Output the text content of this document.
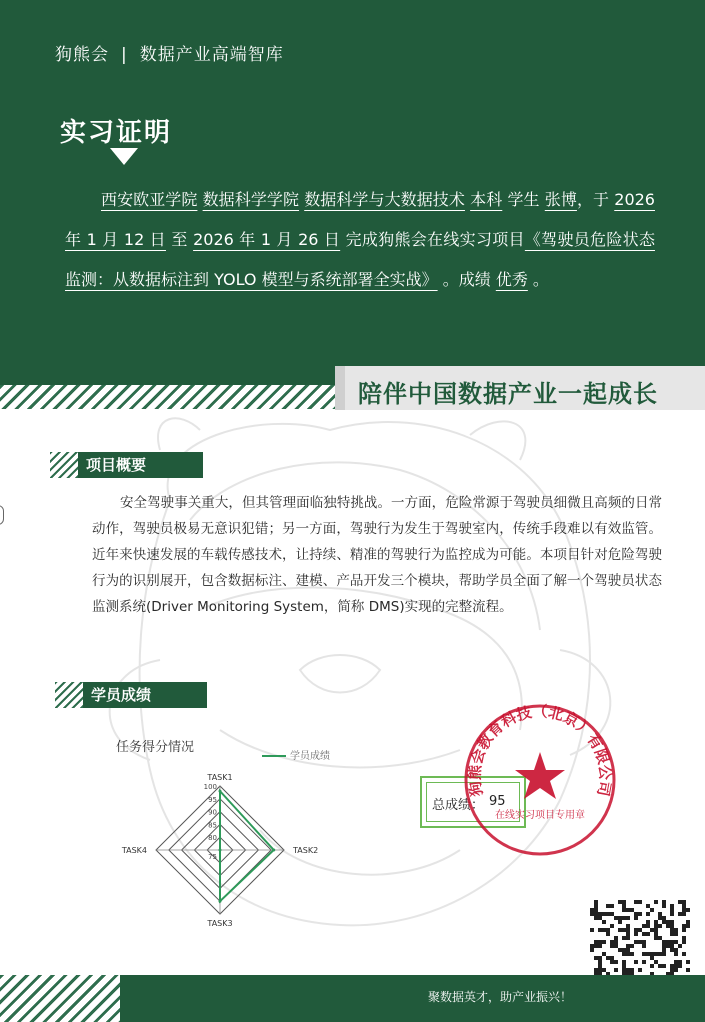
狗熊会 | 数据产业高端智库
实习证明
西安欧亚学院 数据科学学院 数据科学与大数据技术 本科 学生 张博，于 2026 年 1 月 12 日 至 2026 年 1 月 26 日 完成狗熊会在线实习项目《驾驶员危险状态监测：从数据标注到 YOLO 模型与系统部署全实战》 。成绩 优秀 。
陪伴中国数据产业一起成长
项目概要
安全驾驶事关重大，但其管理面临独特挑战。一方面，危险常源于驾驶员细微且高频的日常动作，驾驶员极易无意识犯错；另一方面，驾驶行为发生于驾驶室内，传统手段难以有效监管。近年来快速发展的车载传感技术，让持续、精准的驾驶行为监控成为可能。本项目针对危险驾驶行为的识别展开，包含数据标注、建模、产品开发三个模块，帮助学员全面了解一个驾驶员状态监测系统(Driver Monitoring System，简称 DMS)实现的完整流程。
学员成绩
任务得分情况
学员成绩
TASK1
TASK2
TASK3
TASK4
100
95
90
85
80
75
总成绩： 95
狗熊会教育科技（北京）有限公司
在线实习项目专用章
聚数据英才，助产业振兴！
